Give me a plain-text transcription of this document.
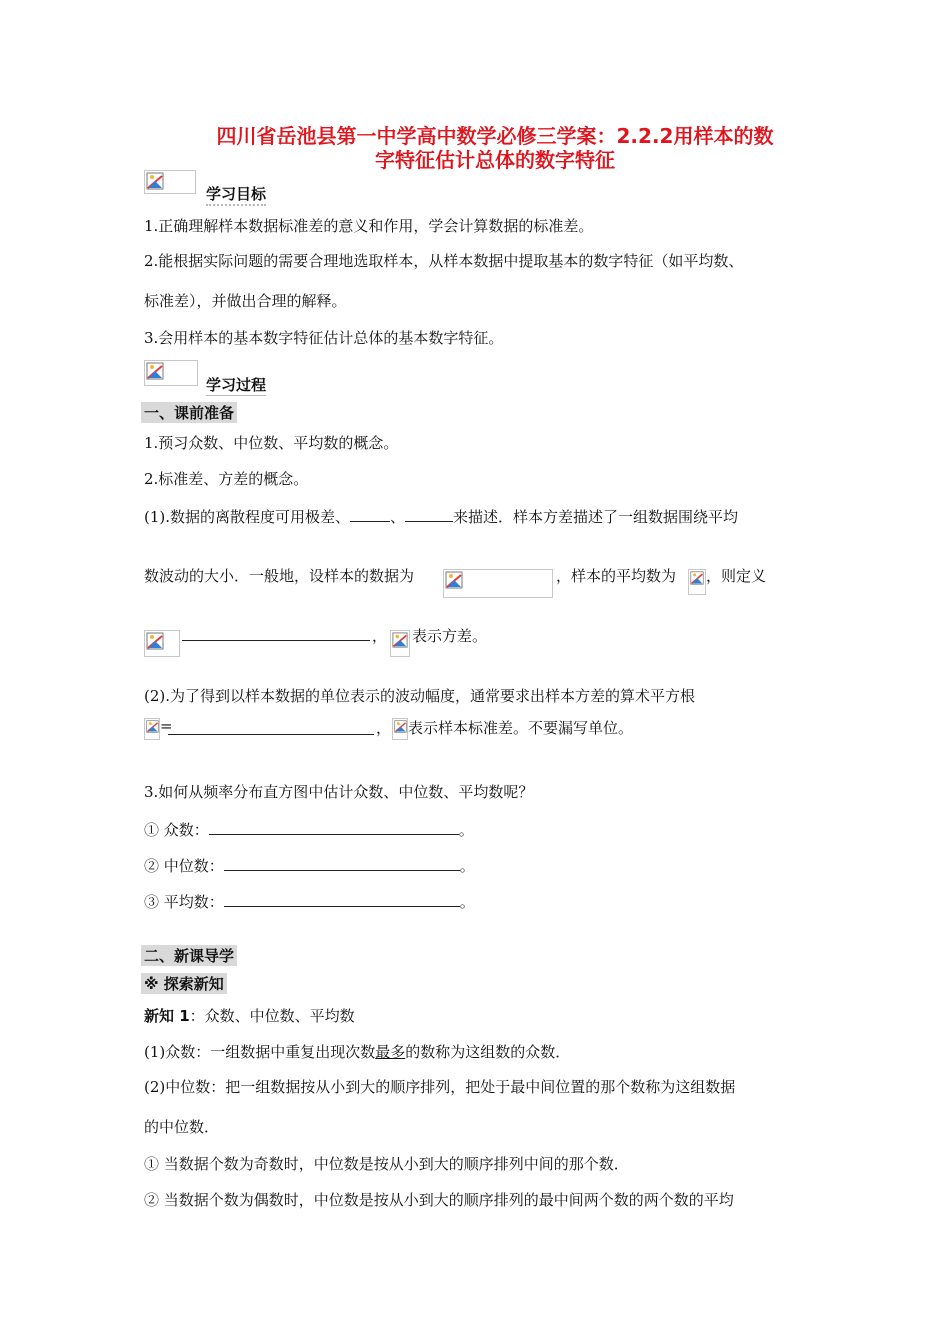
四川省岳池县第一中学高中数学必修三学案：2.2.2用样本的数
字特征估计总体的数字特征
学习目标
1.正确理解样本数据标准差的意义和作用，学会计算数据的标准差。
2.能根据实际问题的需要合理地选取样本，从样本数据中提取基本的数字特征（如平均数、
标准差），并做出合理的解释。
3.会用样本的基本数字特征估计总体的基本数字特征。
学习过程
一、课前准备
1.预习众数、中位数、平均数的概念。
2.标准差、方差的概念。
(1).数据的离散程度可用极差、	、	来描述．样本方差描述了一组数据围绕平均
数波动的大小．一般地，设样本的数据为	，样本的平均数为 ，则定义
， 表示方差。
(2).为了得到以样本数据的单位表示的波动幅度，通常要求出样本方差的算术平方根
=	， 表示样本标准差。不要漏写单位。
3.如何从频率分布直方图中估计众数、中位数、平均数呢？
① 众数：	。
② 中位数：	。
③ 平均数：	。
二、新课导学
※ 探索新知
新知 1：众数、中位数、平均数
(1)众数：一组数据中重复出现次数最多的数称为这组数的众数．
(2)中位数：把一组数据按从小到大的顺序排列，把处于最中间位置的那个数称为这组数据
的中位数．
① 当数据个数为奇数时，中位数是按从小到大的顺序排列中间的那个数．
② 当数据个数为偶数时，中位数是按从小到大的顺序排列的最中间两个数的两个数的平均
